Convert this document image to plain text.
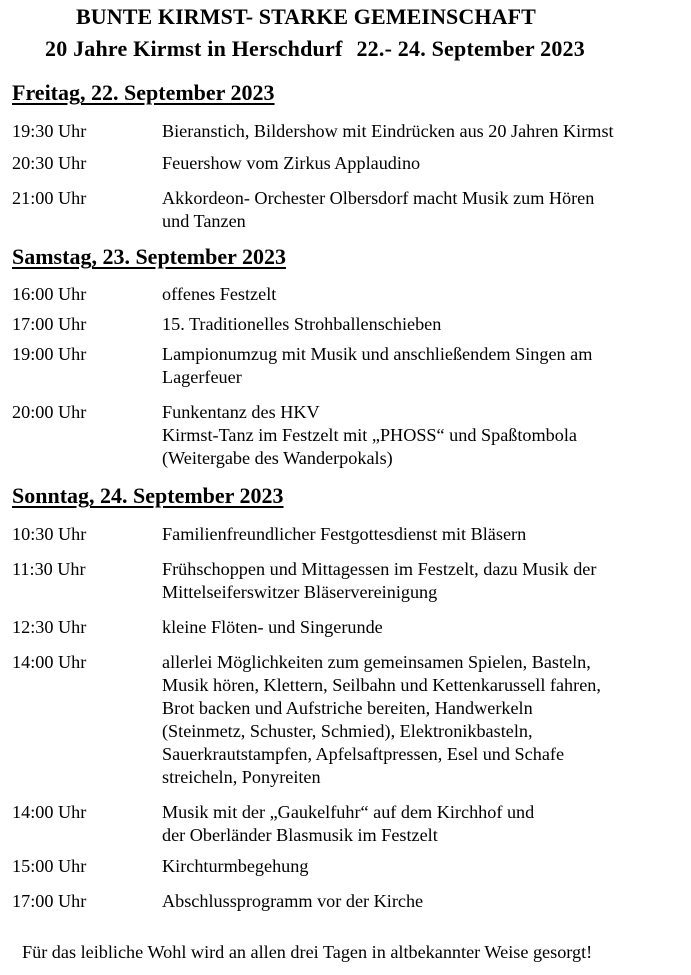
BUNTE KIRMST- STARKE GEMEINSCHAFT
20 Jahre Kirmst in Herschdurf 22.- 24. September 2023
Freitag, 22. September 2023
19:30 Uhr	Bieranstich, Bildershow mit Eindrücken aus 20 Jahren Kirmst
20:30 Uhr	Feuershow vom Zirkus Applaudino
21:00 Uhr	Akkordeon- Orchester Olbersdorf macht Musik zum Hören
und Tanzen
Samstag, 23. September 2023
16:00 Uhr	offenes Festzelt
17:00 Uhr	15. Traditionelles Strohballenschieben
19:00 Uhr	Lampionumzug mit Musik und anschließendem Singen am
Lagerfeuer
20:00 Uhr	Funkentanz des HKV
Kirmst-Tanz im Festzelt mit „PHOSS“ und Spaßtombola
(Weitergabe des Wanderpokals)
Sonntag, 24. September 2023
10:30 Uhr	Familienfreundlicher Festgottesdienst mit Bläsern
11:30 Uhr	Frühschoppen und Mittagessen im Festzelt, dazu Musik der
Mittelseiferswitzer Bläservereinigung
12:30 Uhr	kleine Flöten- und Singerunde
14:00 Uhr	allerlei Möglichkeiten zum gemeinsamen Spielen, Basteln,
Musik hören, Klettern, Seilbahn und Kettenkarussell fahren,
Brot backen und Aufstriche bereiten, Handwerkeln
(Steinmetz, Schuster, Schmied), Elektronikbasteln,
Sauerkrautstampfen, Apfelsaftpressen, Esel und Schafe
streicheln, Ponyreiten
14:00 Uhr	Musik mit der „Gaukelfuhr“ auf dem Kirchhof und
der Oberländer Blasmusik im Festzelt
15:00 Uhr	Kirchturmbegehung
17:00 Uhr	Abschlussprogramm vor der Kirche
Für das leibliche Wohl wird an allen drei Tagen in altbekannter Weise gesorgt!
